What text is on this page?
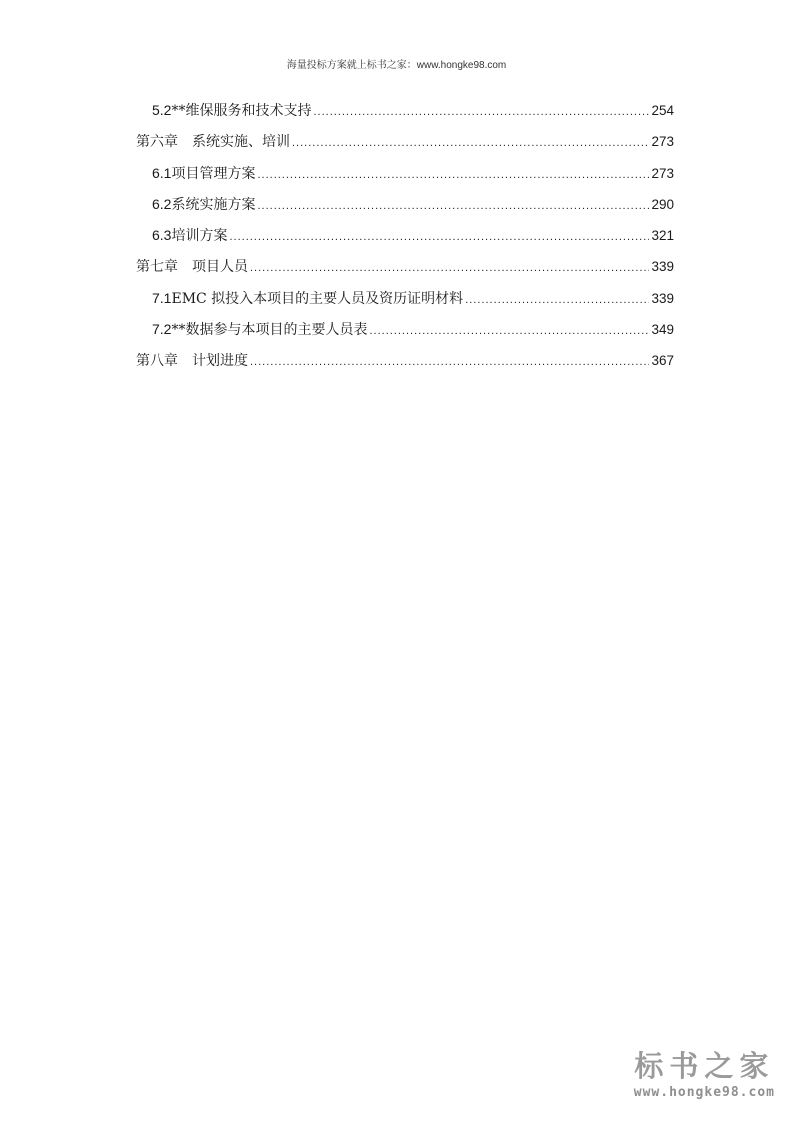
海量投标方案就上标书之家：www.hongke98.com
5.2 **维保服务和技术支持 .....	254
第六章　系统实施、培训 .....	273
6.1 项目管理方案 .....	273
6.2 系统实施方案 .....	290
6.3 培训方案 .....	321
第七章　项目人员 .....	339
7.1 EMC 拟投入本项目的主要人员及资历证明材料 .....	339
7.2 **数据参与本项目的主要人员表 .....	349
第八章　计划进度 .....	367
标书之家
www.hongke98.com
